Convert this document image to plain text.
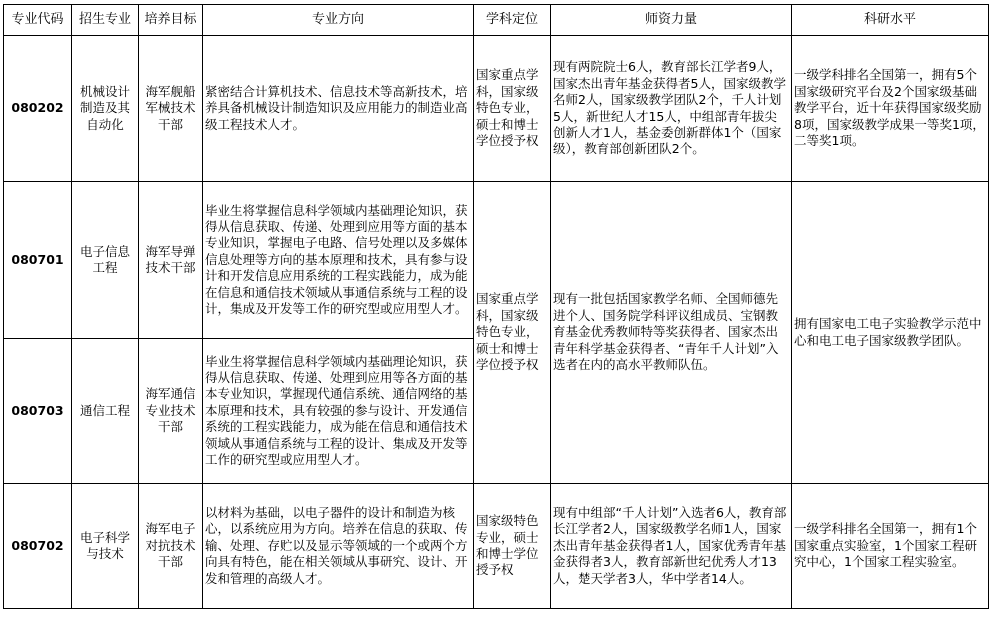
专业代码	招生专业	培养目标	专业方向	学科定位	师资力量	科研水平
080202	机械设计制造及其自动化	海军舰船军械技术干部	紧密结合计算机技术、信息技术等高新技术，培养具备机械设计制造知识及应用能力的制造业高级工程技术人才。	国家重点学科，国家级特色专业，硕士和博士学位授予权	现有两院院士6人，教育部长江学者9人，国家杰出青年基金获得者5人，国家级教学名师2人，国家级教学团队2个，千人计划5人，新世纪人才15人，中组部青年拔尖创新人才1人，基金委创新群体1个（国家级），教育部创新团队2个。	一级学科排名全国第一，拥有5个国家级研究平台及2个国家级基础教学平台，近十年获得国家级奖励8项，国家级教学成果一等奖1项，二等奖1项。
080701	电子信息工程	海军导弹技术干部	毕业生将掌握信息科学领域内基础理论知识，获得从信息获取、传递、处理到应用等方面的基本专业知识，掌握电子电路、信号处理以及多媒体信息处理等方向的基本原理和技术，具有参与设计和开发信息应用系统的工程实践能力，成为能在信息和通信技术领域从事通信系统与工程的设计，集成及开发等工作的研究型或应用型人才。	国家重点学科，国家级特色专业，硕士和博士学位授予权	现有一批包括国家教学名师、全国师德先进个人、国务院学科评议组成员、宝钢教育基金优秀教师特等奖获得者、国家杰出青年科学基金获得者、“青年千人计划”入选者在内的高水平教师队伍。	拥有国家电工电子实验教学示范中心和电工电子国家级教学团队。
080703	通信工程	海军通信专业技术干部	毕业生将掌握信息科学领域内基础理论知识，获得从信息获取、传递、处理到应用等各方面的基本专业知识，掌握现代通信系统、通信网络的基本原理和技术，具有较强的参与设计、开发通信系统的工程实践能力，成为能在信息和通信技术领域从事通信系统与工程的设计、集成及开发等工作的研究型或应用型人才。			
080702	电子科学与技术	海军电子对抗技术干部	以材料为基础，以电子器件的设计和制造为核心，以系统应用为方向。培养在信息的获取、传输、处理、存贮以及显示等领域的一个或两个方向具有特色，能在相关领域从事研究、设计、开发和管理的高级人才。	国家级特色专业，硕士和博士学位授予权	现有中组部“千人计划”入选者6人，教育部长江学者2人，国家级教学名师1人，国家杰出青年基金获得者1人，国家优秀青年基金获得者3人，教育部新世纪优秀人才13人，楚天学者3人，华中学者14人。	一级学科排名全国第一，拥有1个国家重点实验室，1个国家工程研究中心，1个国家工程实验室。
